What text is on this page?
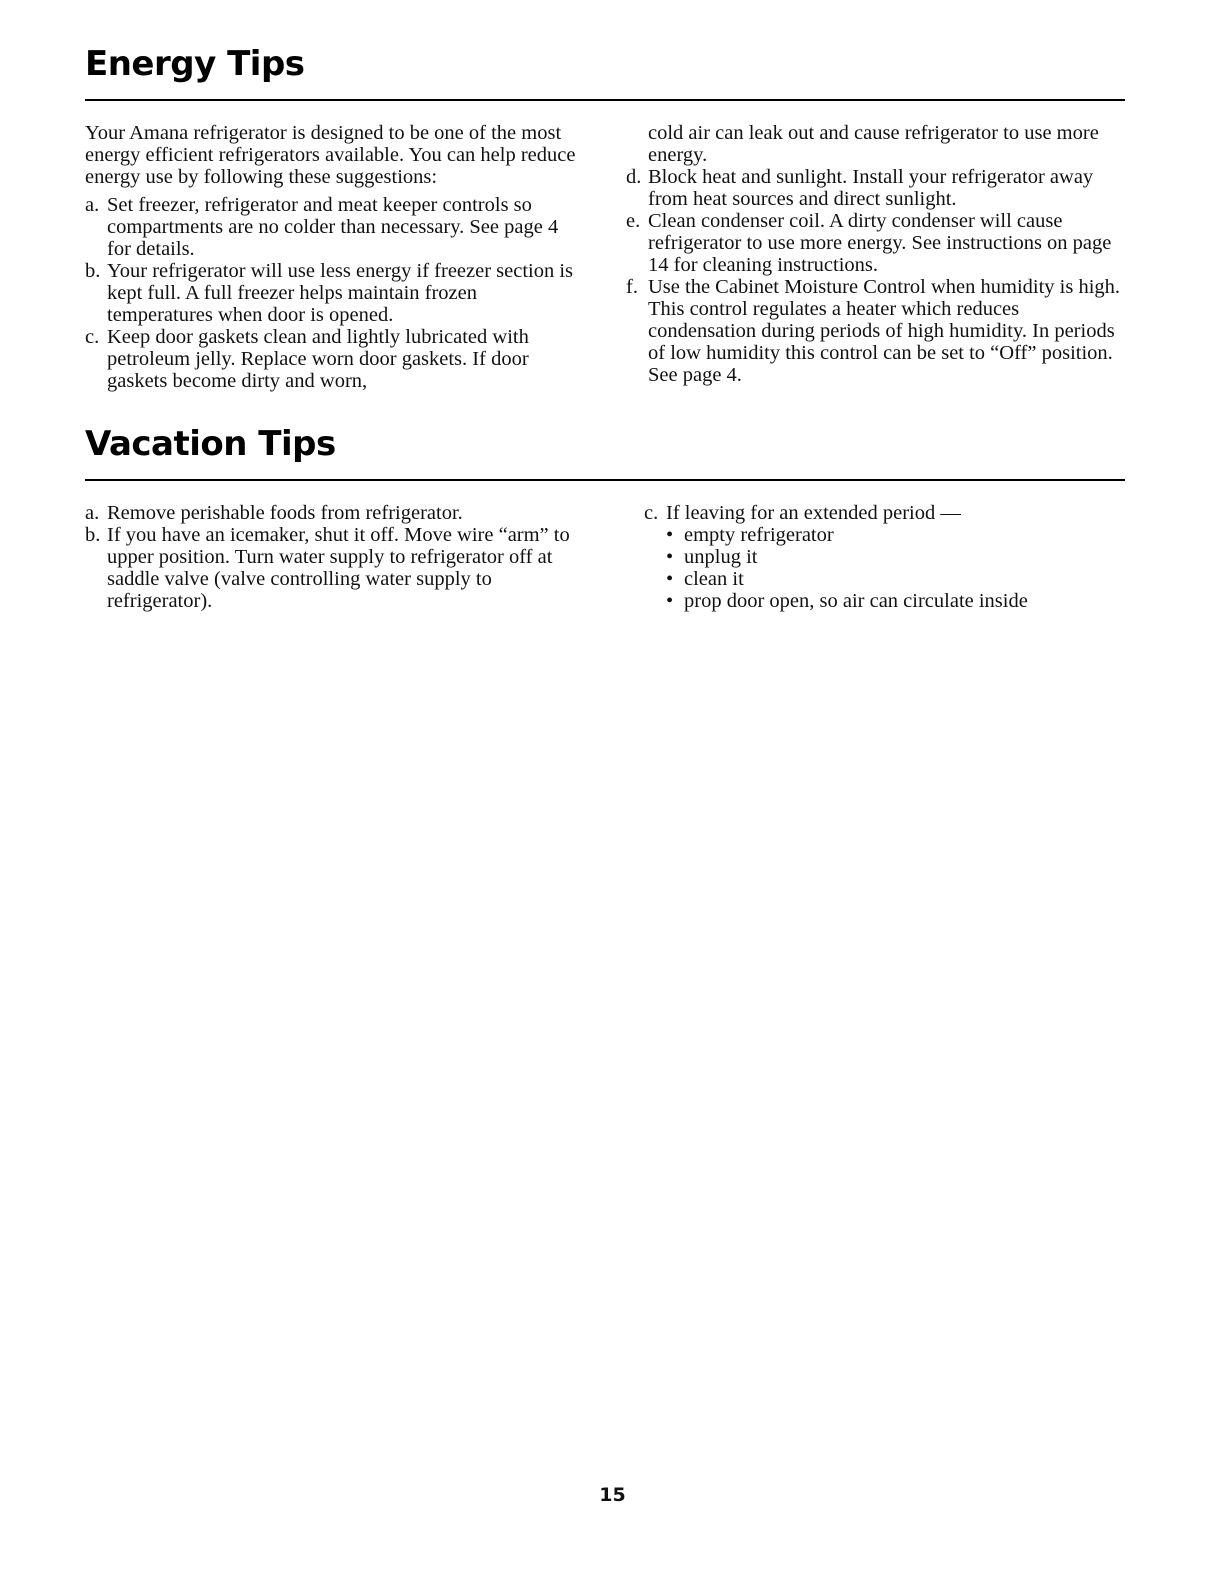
Energy Tips

Your Amana refrigerator is designed to be one of the most energy efficient refrigerators available. You can help reduce energy use by following these suggestions:

a. Set freezer, refrigerator and meat keeper controls so compartments are no colder than necessary. See page 4 for details.
b. Your refrigerator will use less energy if freezer section is kept full. A full freezer helps maintain frozen temperatures when door is opened.
c. Keep door gaskets clean and lightly lubricated with petroleum jelly. Replace worn door gaskets. If door gaskets become dirty and worn,
cold air can leak out and cause refrigerator to use more energy.
d. Block heat and sunlight. Install your refrigerator away from heat sources and direct sunlight.
e. Clean condenser coil. A dirty condenser will cause refrigerator to use more energy. See instructions on page 14 for cleaning instructions.
f. Use the Cabinet Moisture Control when humidity is high. This control regulates a heater which reduces condensation during periods of high humidity. In periods of low humidity this control can be set to “Off” position. See page 4.
Vacation Tips
a. Remove perishable foods from refrigerator.
b. If you have an icemaker, shut it off. Move wire “arm” to upper position. Turn water supply to refrigerator off at saddle valve (valve controlling water supply to refrigerator).
c. If leaving for an extended period —
• empty refrigerator
• unplug it
• clean it
• prop door open, so air can circulate inside
15
